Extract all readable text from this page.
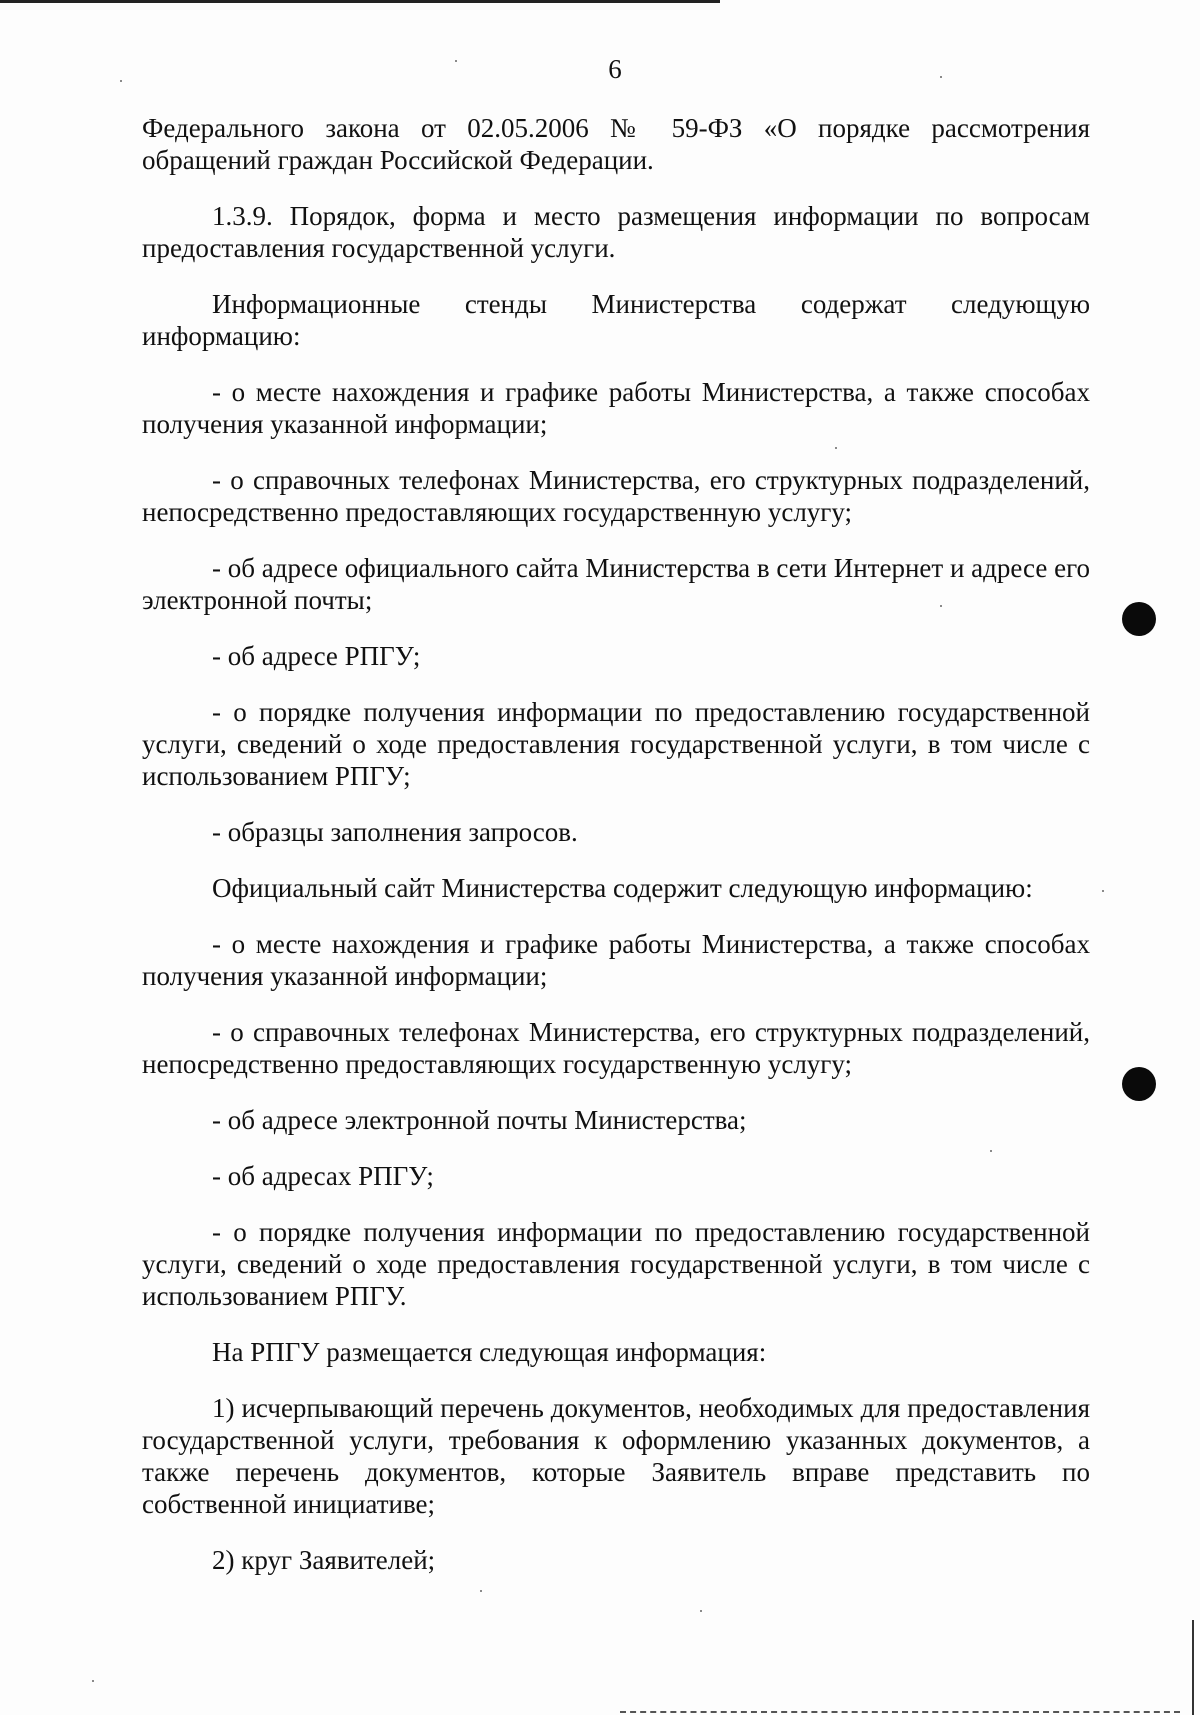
6

Федерального закона от 02.05.2006 № 59-ФЗ «О порядке рассмотрения обращений граждан Российской Федерации.

1.3.9. Порядок, форма и место размещения информации по вопросам предоставления государственной услуги.

Информационные стенды Министерства содержат следующую информацию:

- о месте нахождения и графике работы Министерства, а также способах получения указанной информации;

- о справочных телефонах Министерства, его структурных подразделений, непосредственно предоставляющих государственную услугу;

- об адресе официального сайта Министерства в сети Интернет и адресе его электронной почты;

- об адресе РПГУ;

- о порядке получения информации по предоставлению государственной услуги, сведений о ходе предоставления государственной услуги, в том числе с использованием РПГУ;

- образцы заполнения запросов.

Официальный сайт Министерства содержит следующую информацию:

- о месте нахождения и графике работы Министерства, а также способах получения указанной информации;

- о справочных телефонах Министерства, его структурных подразделений, непосредственно предоставляющих государственную услугу;

- об адресе электронной почты Министерства;

- об адресах РПГУ;

- о порядке получения информации по предоставлению государственной услуги, сведений о ходе предоставления государственной услуги, в том числе с использованием РПГУ.

На РПГУ размещается следующая информация:

1) исчерпывающий перечень документов, необходимых для предоставления государственной услуги, требования к оформлению указанных документов, а также перечень документов, которые Заявитель вправе представить по собственной инициативе;

2) круг Заявителей;
